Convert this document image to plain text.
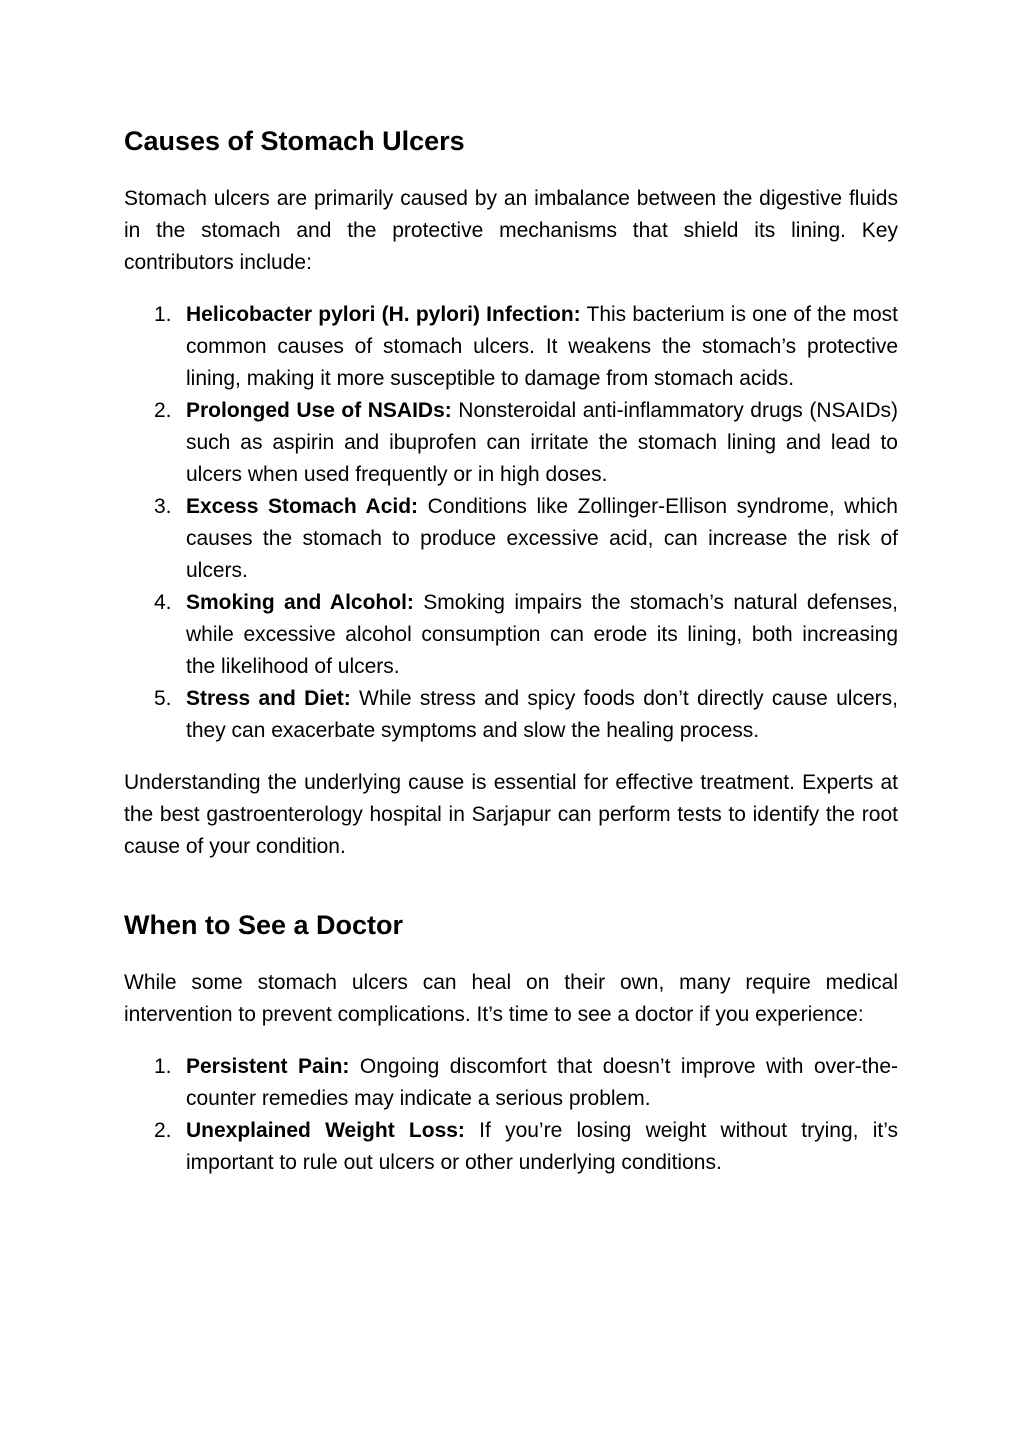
Causes of Stomach Ulcers

Stomach ulcers are primarily caused by an imbalance between the digestive fluids in the stomach and the protective mechanisms that shield its lining. Key contributors include:

1. Helicobacter pylori (H. pylori) Infection: This bacterium is one of the most common causes of stomach ulcers. It weakens the stomach’s protective lining, making it more susceptible to damage from stomach acids.
2. Prolonged Use of NSAIDs: Nonsteroidal anti-inflammatory drugs (NSAIDs) such as aspirin and ibuprofen can irritate the stomach lining and lead to ulcers when used frequently or in high doses.
3. Excess Stomach Acid: Conditions like Zollinger-Ellison syndrome, which causes the stomach to produce excessive acid, can increase the risk of ulcers.
4. Smoking and Alcohol: Smoking impairs the stomach’s natural defenses, while excessive alcohol consumption can erode its lining, both increasing the likelihood of ulcers.
5. Stress and Diet: While stress and spicy foods don’t directly cause ulcers, they can exacerbate symptoms and slow the healing process.

Understanding the underlying cause is essential for effective treatment. Experts at the best gastroenterology hospital in Sarjapur can perform tests to identify the root cause of your condition.

When to See a Doctor

While some stomach ulcers can heal on their own, many require medical intervention to prevent complications. It’s time to see a doctor if you experience:

1. Persistent Pain: Ongoing discomfort that doesn’t improve with over-the-counter remedies may indicate a serious problem.
2. Unexplained Weight Loss: If you’re losing weight without trying, it’s important to rule out ulcers or other underlying conditions.
